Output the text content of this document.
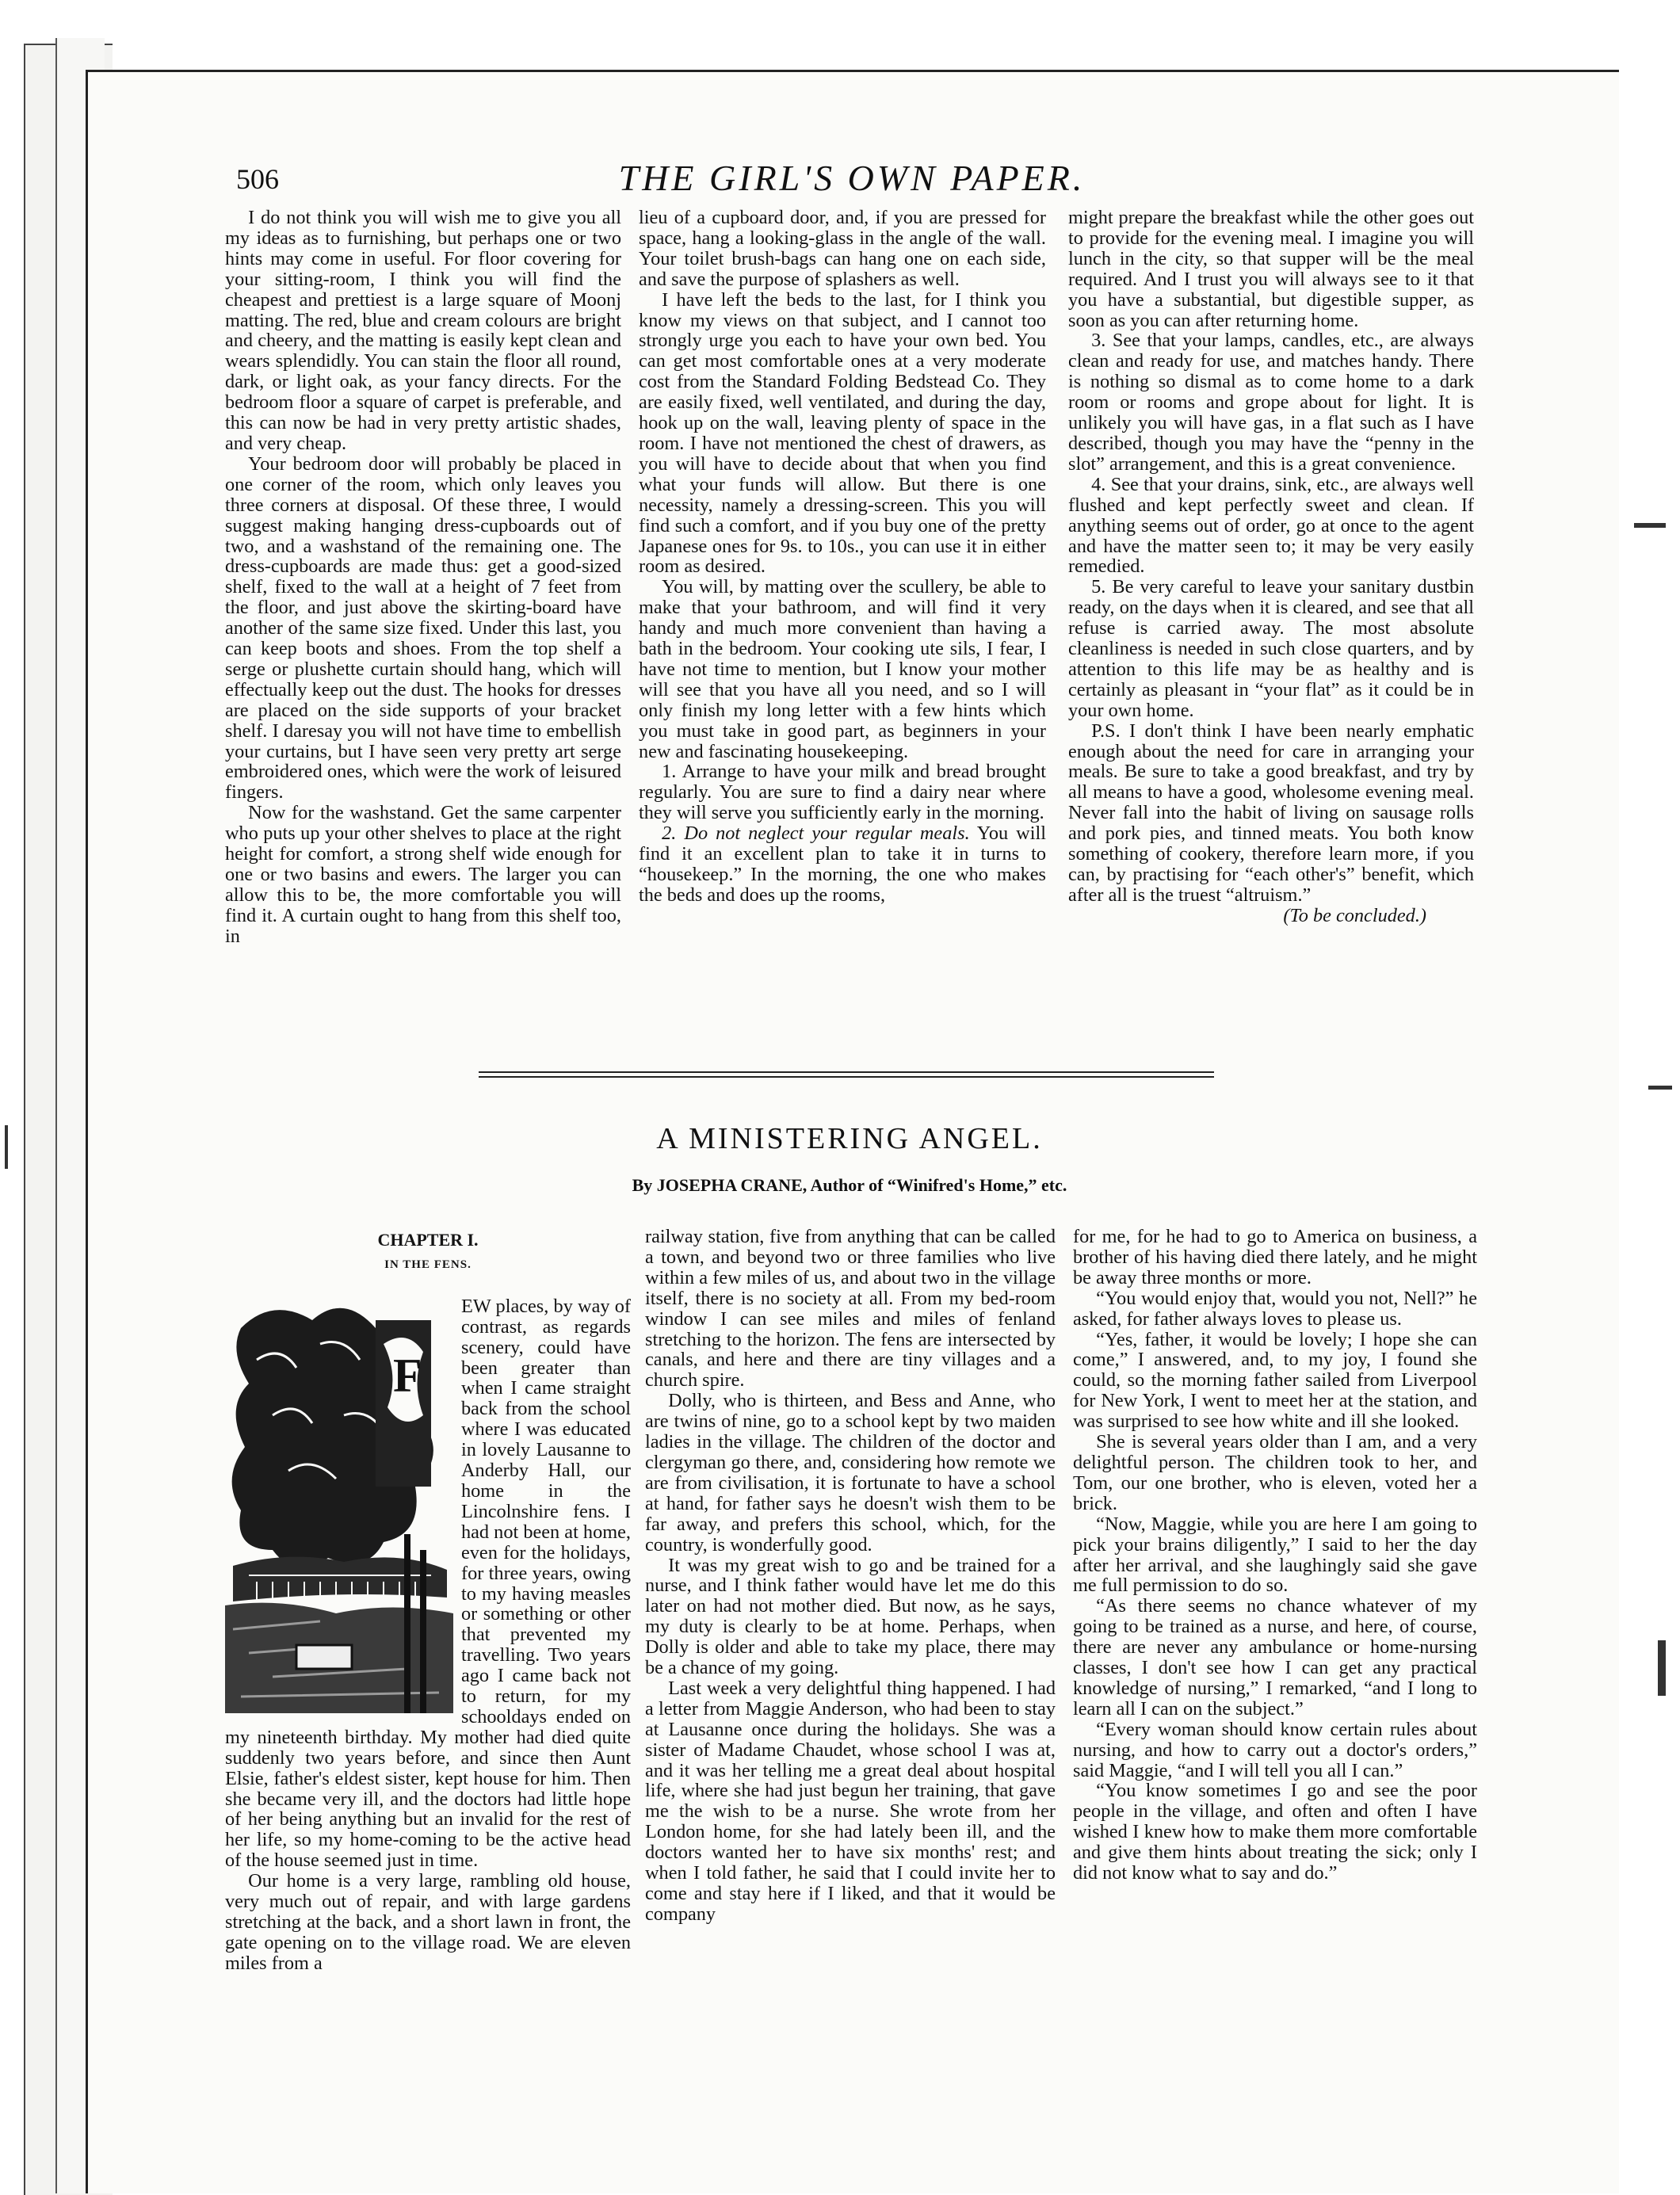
506	THE GIRL'S OWN PAPER.

I do not think you will wish me to give you all my ideas as to furnishing, but perhaps one or two hints may come in useful. For floor covering for your sitting-room, I think you will find the cheapest and prettiest is a large square of Moonj matting. The red, blue and cream colours are bright and cheery, and the matting is easily kept clean and wears splendidly. You can stain the floor all round, dark, or light oak, as your fancy directs. For the bedroom floor a square of carpet is preferable, and this can now be had in very pretty artistic shades, and very cheap.

Your bedroom door will probably be placed in one corner of the room, which only leaves you three corners at disposal. Of these three, I would suggest making hanging dress-cupboards out of two, and a washstand of the remaining one. The dress-cupboards are made thus: get a good-sized shelf, fixed to the wall at a height of 7 feet from the floor, and just above the skirting-board have another of the same size fixed. Under this last, you can keep boots and shoes. From the top shelf a serge or plushette curtain should hang, which will effectually keep out the dust. The hooks for dresses are placed on the side supports of your bracket shelf. I daresay you will not have time to embellish your curtains, but I have seen very pretty art serge embroidered ones, which were the work of leisured fingers.

Now for the washstand. Get the same carpenter who puts up your other shelves to place at the right height for comfort, a strong shelf wide enough for one or two basins and ewers. The larger you can allow this to be, the more comfortable you will find it. A curtain ought to hang from this shelf too, in

lieu of a cupboard door, and, if you are pressed for space, hang a looking-glass in the angle of the wall. Your toilet brush-bags can hang one on each side, and save the purpose of splashers as well.

I have left the beds to the last, for I think you know my views on that subject, and I cannot too strongly urge you each to have your own bed. You can get most comfortable ones at a very moderate cost from the Standard Folding Bedstead Co. They are easily fixed, well ventilated, and during the day, hook up on the wall, leaving plenty of space in the room. I have not mentioned the chest of drawers, as you will have to decide about that when you find what your funds will allow. But there is one necessity, namely a dressing-screen. This you will find such a comfort, and if you buy one of the pretty Japanese ones for 9s. to 10s., you can use it in either room as desired.

You will, by matting over the scullery, be able to make that your bathroom, and will find it very handy and much more convenient than having a bath in the bedroom. Your cooking ute sils, I fear, I have not time to mention, but I know your mother will see that you have all you need, and so I will only finish my long letter with a few hints which you must take in good part, as beginners in your new and fascinating housekeeping.

1. Arrange to have your milk and bread brought regularly. You are sure to find a dairy near where they will serve you sufficiently early in the morning.

2. Do not neglect your regular meals. You will find it an excellent plan to take it in turns to “housekeep.” In the morning, the one who makes the beds and does up the rooms,

might prepare the breakfast while the other goes out to provide for the evening meal. I imagine you will lunch in the city, so that supper will be the meal required. And I trust you will always see to it that you have a substantial, but digestible supper, as soon as you can after returning home.

3. See that your lamps, candles, etc., are always clean and ready for use, and matches handy. There is nothing so dismal as to come home to a dark room or rooms and grope about for light. It is unlikely you will have gas, in a flat such as I have described, though you may have the “penny in the slot” arrangement, and this is a great convenience.

4. See that your drains, sink, etc., are always well flushed and kept perfectly sweet and clean. If anything seems out of order, go at once to the agent and have the matter seen to; it may be very easily remedied.

5. Be very careful to leave your sanitary dustbin ready, on the days when it is cleared, and see that all refuse is carried away. The most absolute cleanliness is needed in such close quarters, and by attention to this life may be as healthy and is certainly as pleasant in “your flat” as it could be in your own home.

P.S. I don't think I have been nearly emphatic enough about the need for care in arranging your meals. Be sure to take a good breakfast, and try by all means to have a good, wholesome evening meal. Never fall into the habit of living on sausage rolls and pork pies, and tinned meats. You both know something of cookery, therefore learn more, if you can, by practising for “each other's” benefit, which after all is the truest “altruism.”

(To be concluded.)

A MINISTERING ANGEL.
By JOSEPHA CRANE, Author of “Winifred's Home,” etc.
CHAPTER I.
IN THE FENS.
F

EW places, by way of contrast, as regards scenery, could have been greater than when I came straight back from the school where I was educated in lovely Lausanne to Anderby Hall, our home in the Lincolnshire fens. I had not been at home, even for the holidays, for three years, owing to my having measles or something or other that prevented my travelling. Two years ago I came back not to return, for my schooldays ended on my nineteenth birthday. My mother had died quite suddenly two years before, and since then Aunt Elsie, father's eldest sister, kept house for him. Then she became very ill, and the doctors had little hope of her being anything but an invalid for the rest of her life, so my home-coming to be the active head of the house seemed just in time.

Our home is a very large, rambling old house, very much out of repair, and with large gardens stretching at the back, and a short lawn in front, the gate opening on to the village road. We are eleven miles from a

railway station, five from anything that can be called a town, and beyond two or three families who live within a few miles of us, and about two in the village itself, there is no society at all. From my bed-room window I can see miles and miles of fenland stretching to the horizon. The fens are intersected by canals, and here and there are tiny villages and a church spire.

Dolly, who is thirteen, and Bess and Anne, who are twins of nine, go to a school kept by two maiden ladies in the village. The children of the doctor and clergyman go there, and, considering how remote we are from civilisation, it is fortunate to have a school at hand, for father says he doesn't wish them to be far away, and prefers this school, which, for the country, is wonderfully good.

It was my great wish to go and be trained for a nurse, and I think father would have let me do this later on had not mother died. But now, as he says, my duty is clearly to be at home. Perhaps, when Dolly is older and able to take my place, there may be a chance of my going.

Last week a very delightful thing happened. I had a letter from Maggie Anderson, who had been to stay at Lausanne once during the holidays. She was a sister of Madame Chaudet, whose school I was at, and it was her telling me a great deal about hospital life, where she had just begun her training, that gave me the wish to be a nurse. She wrote from her London home, for she had lately been ill, and the doctors wanted her to have six months' rest; and when I told father, he said that I could invite her to come and stay here if I liked, and that it would be company

for me, for he had to go to America on business, a brother of his having died there lately, and he might be away three months or more.

“You would enjoy that, would you not, Nell?” he asked, for father always loves to please us.

“Yes, father, it would be lovely; I hope she can come,” I answered, and, to my joy, I found she could, so the morning father sailed from Liverpool for New York, I went to meet her at the station, and was surprised to see how white and ill she looked.

She is several years older than I am, and a very delightful person. The children took to her, and Tom, our one brother, who is eleven, voted her a brick.

“Now, Maggie, while you are here I am going to pick your brains diligently,” I said to her the day after her arrival, and she laughingly said she gave me full permission to do so.

“As there seems no chance whatever of my going to be trained as a nurse, and here, of course, there are never any ambulance or home-nursing classes, I don't see how I can get any practical knowledge of nursing,” I remarked, “and I long to learn all I can on the subject.”

“Every woman should know certain rules about nursing, and how to carry out a doctor's orders,” said Maggie, “and I will tell you all I can.”

“You know sometimes I go and see the poor people in the village, and often and often I have wished I knew how to make them more comfortable and give them hints about treating the sick; only I did not know what to say and do.”
